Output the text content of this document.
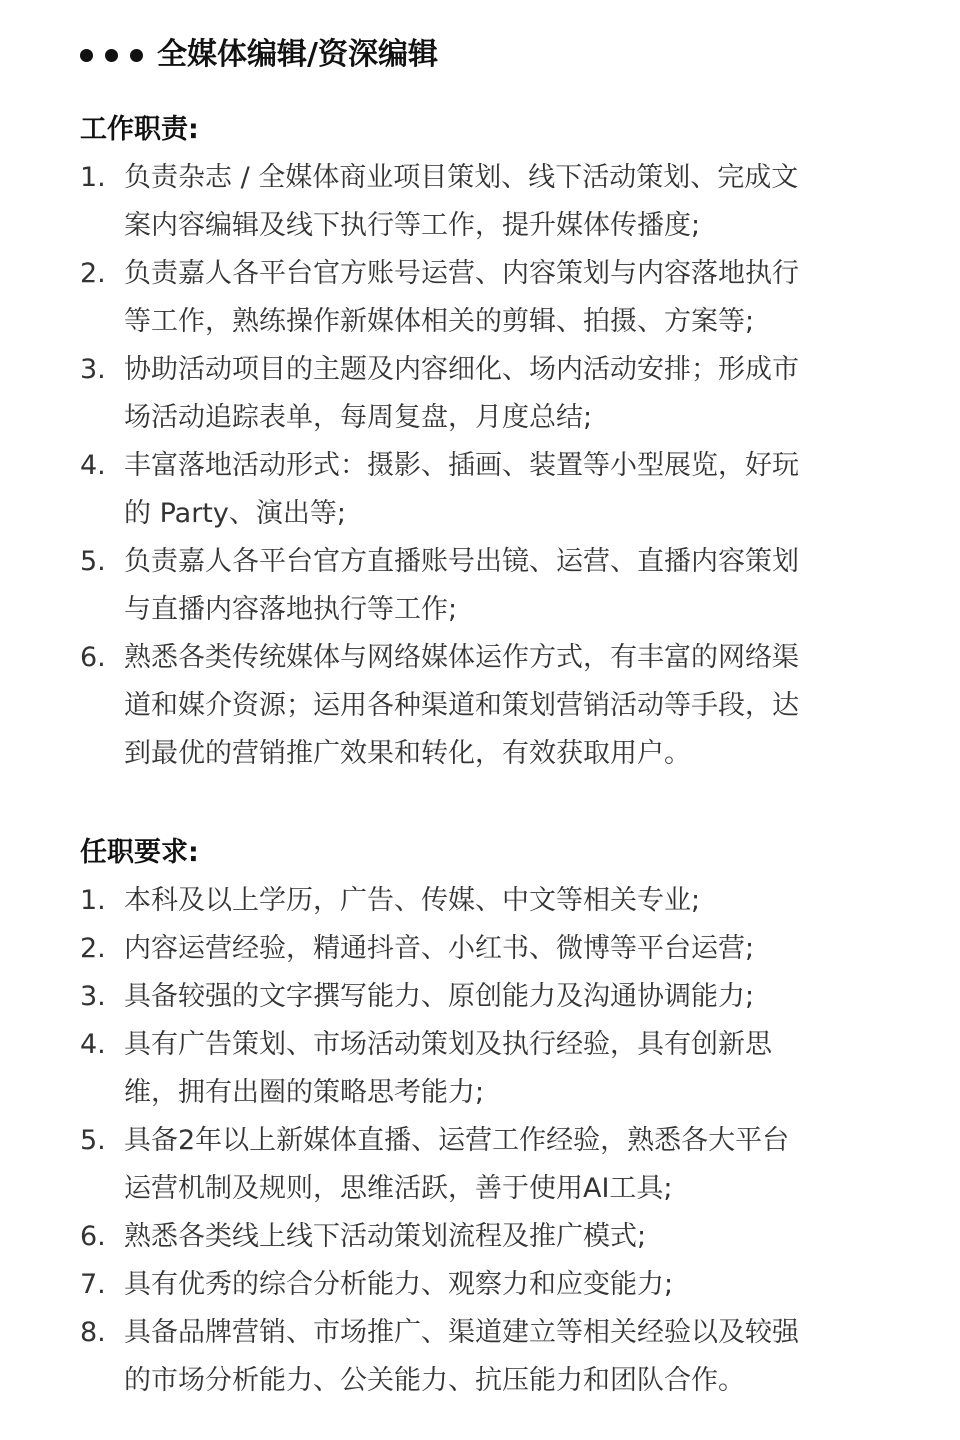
全媒体编辑/资深编辑
工作职责:
1. 负责杂志 / 全媒体商业项目策划、线下活动策划、完成文
案内容编辑及线下执行等工作，提升媒体传播度;
2. 负责嘉人各平台官方账号运营、内容策划与内容落地执行
等工作，熟练操作新媒体相关的剪辑、拍摄、方案等;
3. 协助活动项目的主题及内容细化、场内活动安排；形成市
场活动追踪表单，每周复盘，月度总结;
4. 丰富落地活动形式：摄影、插画、装置等小型展览，好玩
的 Party、演出等;
5. 负责嘉人各平台官方直播账号出镜、运营、直播内容策划
与直播内容落地执行等工作;
6. 熟悉各类传统媒体与网络媒体运作方式，有丰富的网络渠
道和媒介资源；运用各种渠道和策划营销活动等手段，达
到最优的营销推广效果和转化，有效获取用户。
任职要求:
1. 本科及以上学历，广告、传媒、中文等相关专业;
2. 内容运营经验，精通抖音、小红书、微博等平台运营;
3. 具备较强的文字撰写能力、原创能力及沟通协调能力;
4. 具有广告策划、市场活动策划及执行经验，具有创新思
维，拥有出圈的策略思考能力;
5. 具备2年以上新媒体直播、运营工作经验，熟悉各大平台
运营机制及规则，思维活跃，善于使用AI工具;
6. 熟悉各类线上线下活动策划流程及推广模式;
7. 具有优秀的综合分析能力、观察力和应变能力;
8. 具备品牌营销、市场推广、渠道建立等相关经验以及较强
的市场分析能力、公关能力、抗压能力和团队合作。
